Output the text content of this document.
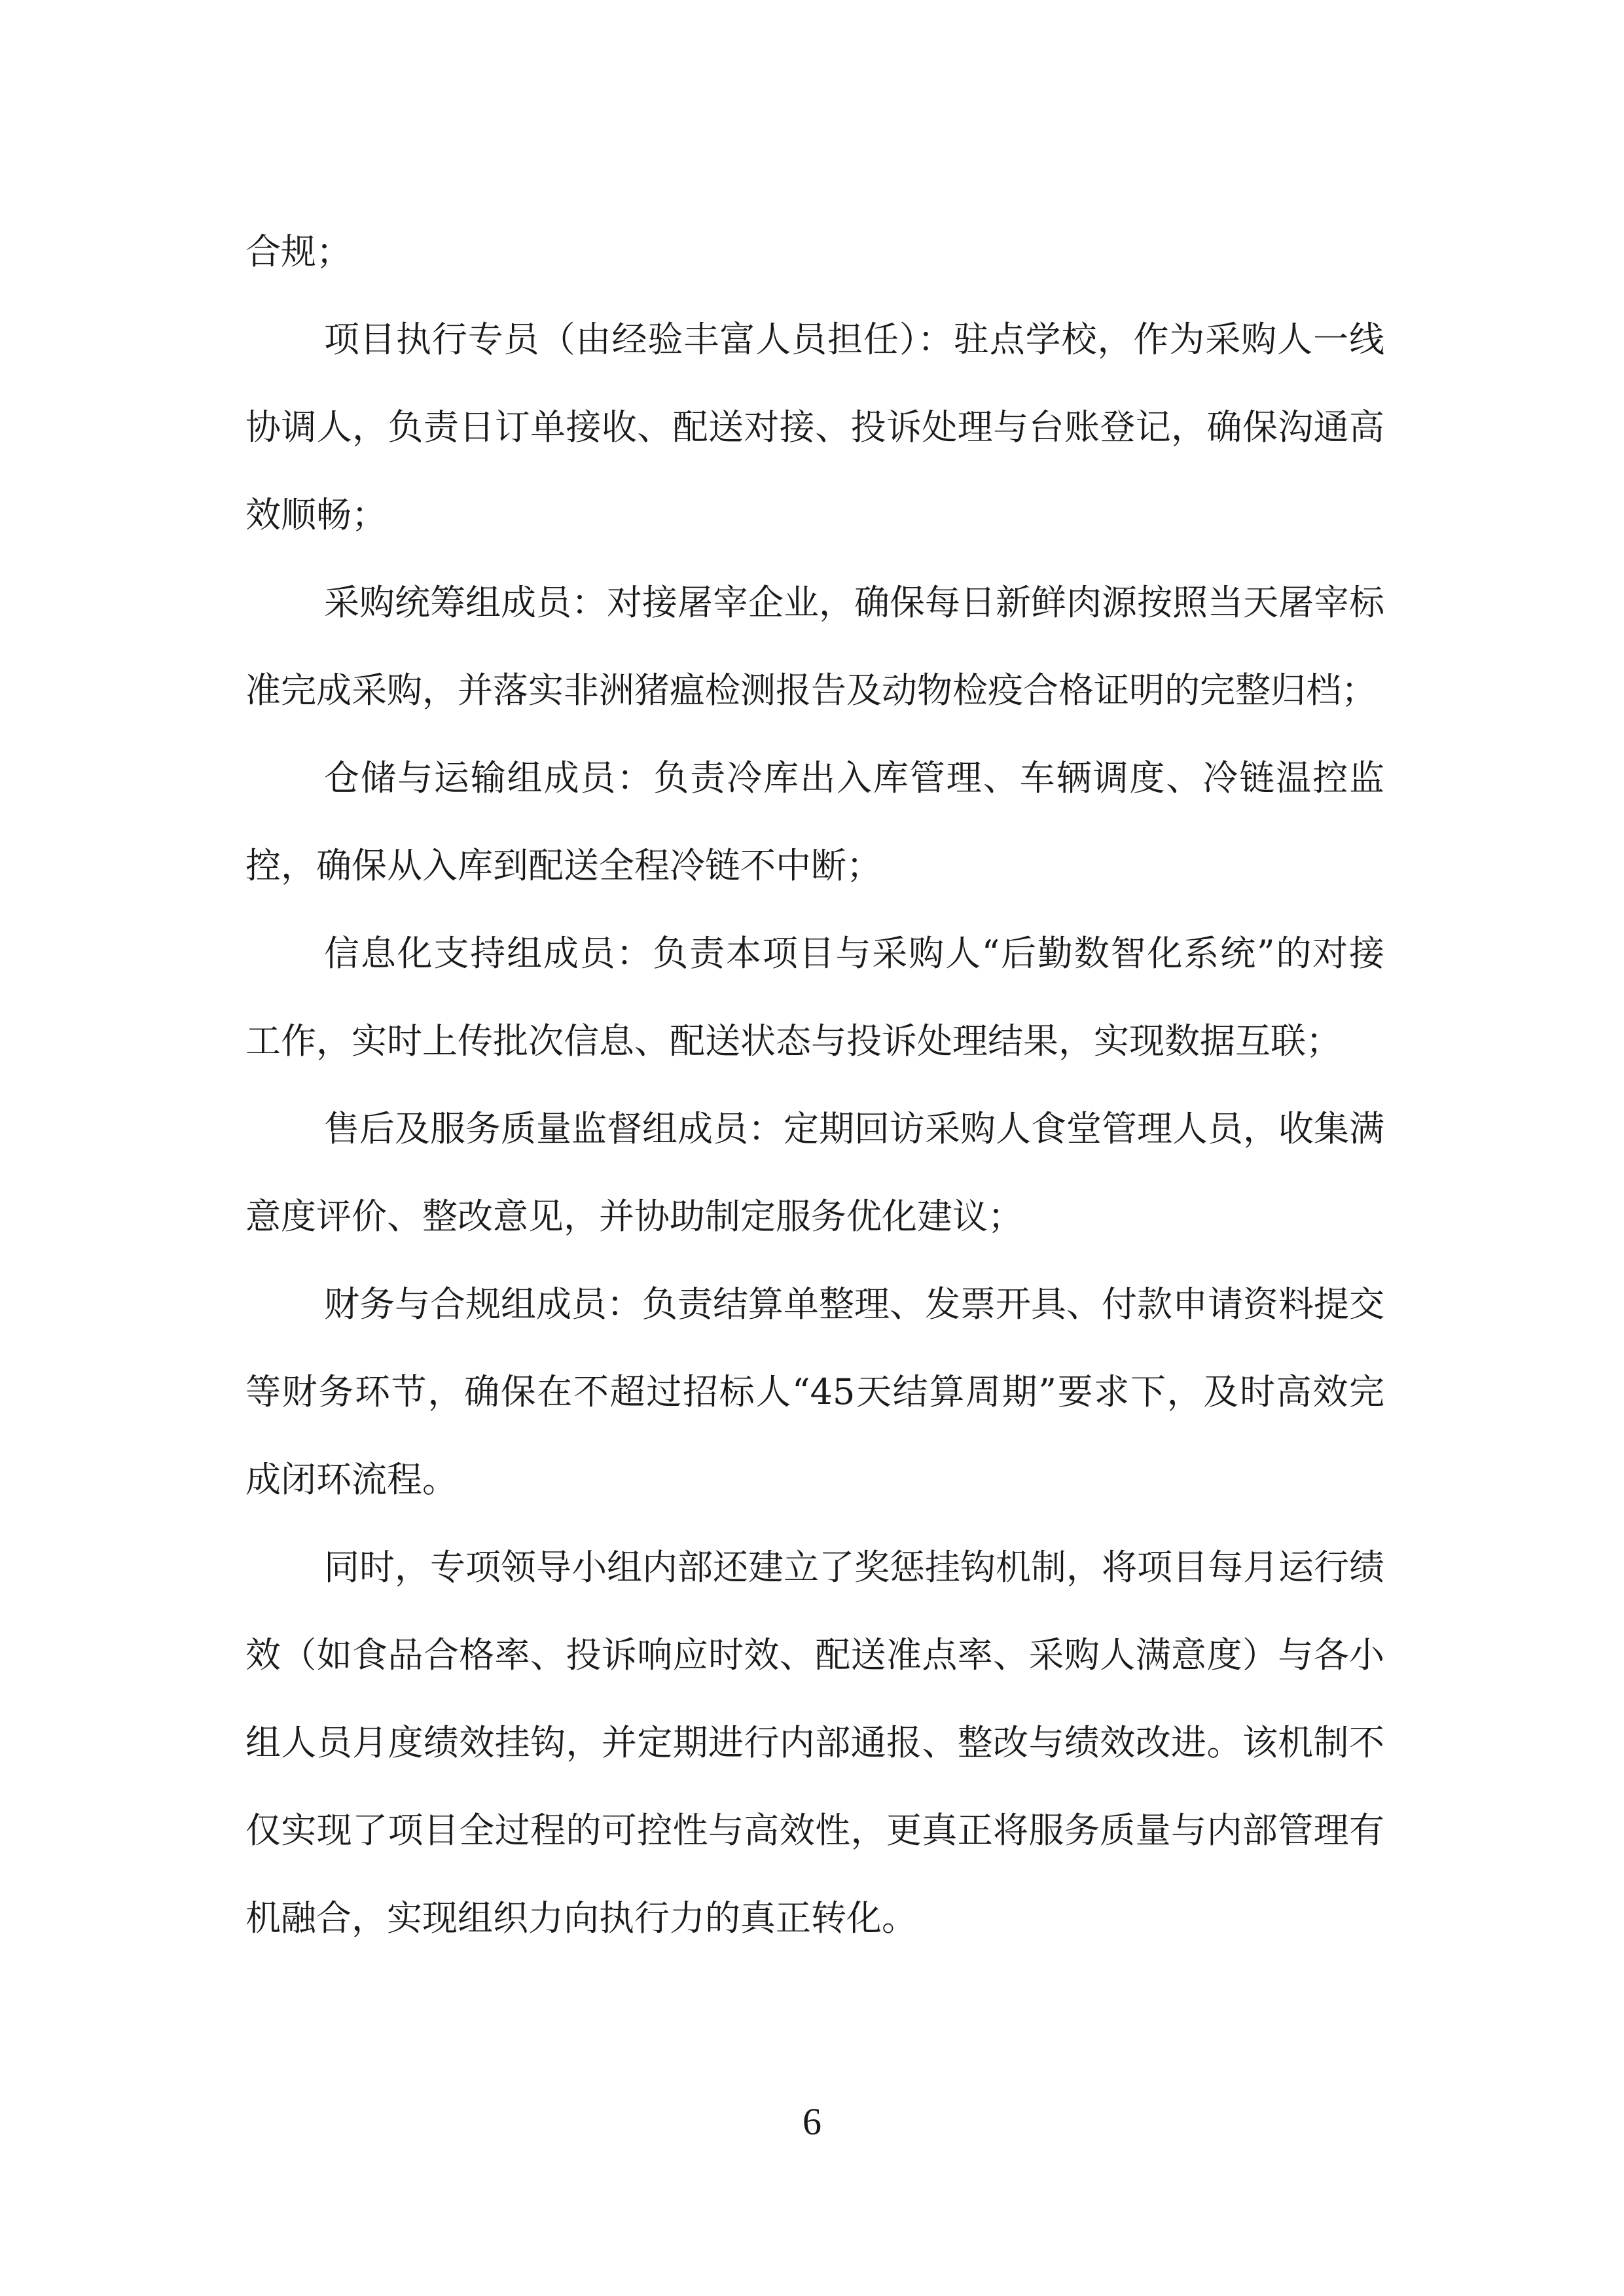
合规；

项目执行专员（由经验丰富人员担任）：驻点学校，作为采购人一线协调人，负责日订单接收、配送对接、投诉处理与台账登记，确保沟通高效顺畅；

采购统筹组成员：对接屠宰企业，确保每日新鲜肉源按照当天屠宰标准完成采购，并落实非洲猪瘟检测报告及动物检疫合格证明的完整归档；

仓储与运输组成员：负责冷库出入库管理、车辆调度、冷链温控监控，确保从入库到配送全程冷链不中断；

信息化支持组成员：负责本项目与采购人“后勤数智化系统”的对接工作，实时上传批次信息、配送状态与投诉处理结果，实现数据互联；

售后及服务质量监督组成员：定期回访采购人食堂管理人员，收集满意度评价、整改意见，并协助制定服务优化建议；

财务与合规组成员：负责结算单整理、发票开具、付款申请资料提交等财务环节，确保在不超过招标人“45天结算周期”要求下，及时高效完成闭环流程。

同时，专项领导小组内部还建立了奖惩挂钩机制，将项目每月运行绩效（如食品合格率、投诉响应时效、配送准点率、采购人满意度）与各小组人员月度绩效挂钩，并定期进行内部通报、整改与绩效改进。该机制不仅实现了项目全过程的可控性与高效性，更真正将服务质量与内部管理有机融合，实现组织力向执行力的真正转化。

6
